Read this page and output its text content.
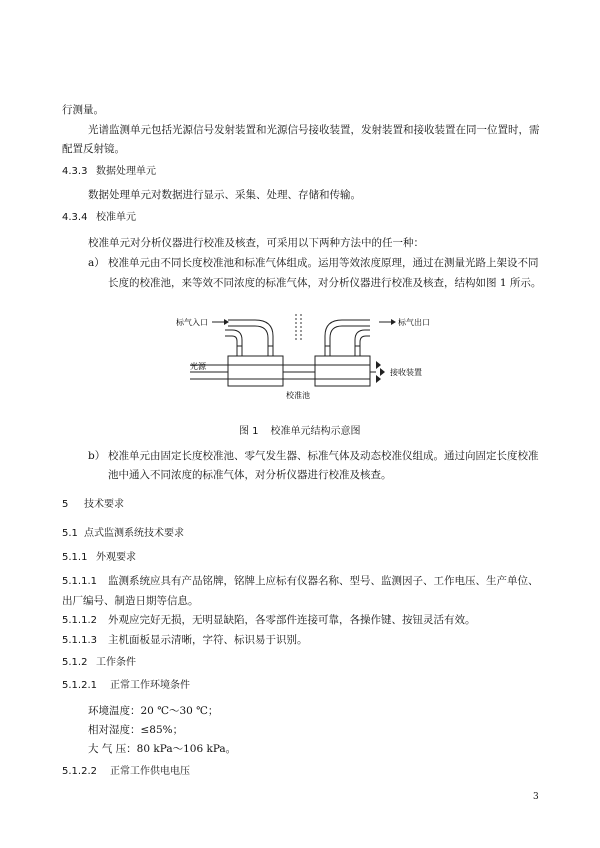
行测量。
光谱监测单元包括光源信号发射装置和光源信号接收装置，发射装置和接收装置在同一位置时，需
配置反射镜。
4.3.3 数据处理单元
数据处理单元对数据进行显示、采集、处理、存储和传输。
4.3.4 校准单元
校准单元对分析仪器进行校准及核查，可采用以下两种方法中的任一种：
a） 校准单元由不同长度校准池和标准气体组成。运用等效浓度原理，通过在测量光路上架设不同
长度的校准池，来等效不同浓度的标准气体，对分析仪器进行校准及核查，结构如图 1 所示。
标气入口	标气出口
光源
接收装置
校准池
图 1 校准单元结构示意图
b） 校准单元由固定长度校准池、零气发生器、标准气体及动态校准仪组成。通过向固定长度校准
池中通入不同浓度的标准气体，对分析仪器进行校准及核查。
5 技术要求
5.1 点式监测系统技术要求
5.1.1 外观要求
5.1.1.1 监测系统应具有产品铭牌，铭牌上应标有仪器名称、型号、监测因子、工作电压、生产单位、
出厂编号、制造日期等信息。
5.1.1.2 外观应完好无损，无明显缺陷，各零部件连接可靠，各操作键、按钮灵活有效。
5.1.1.3 主机面板显示清晰，字符、标识易于识别。
5.1.2 工作条件
5.1.2.1 正常工作环境条件
环境温度：20 ℃～30 ℃；
相对湿度：≤85%；
大 气 压：80 kPa～106 kPa。
5.1.2.2 正常工作供电电压
3
